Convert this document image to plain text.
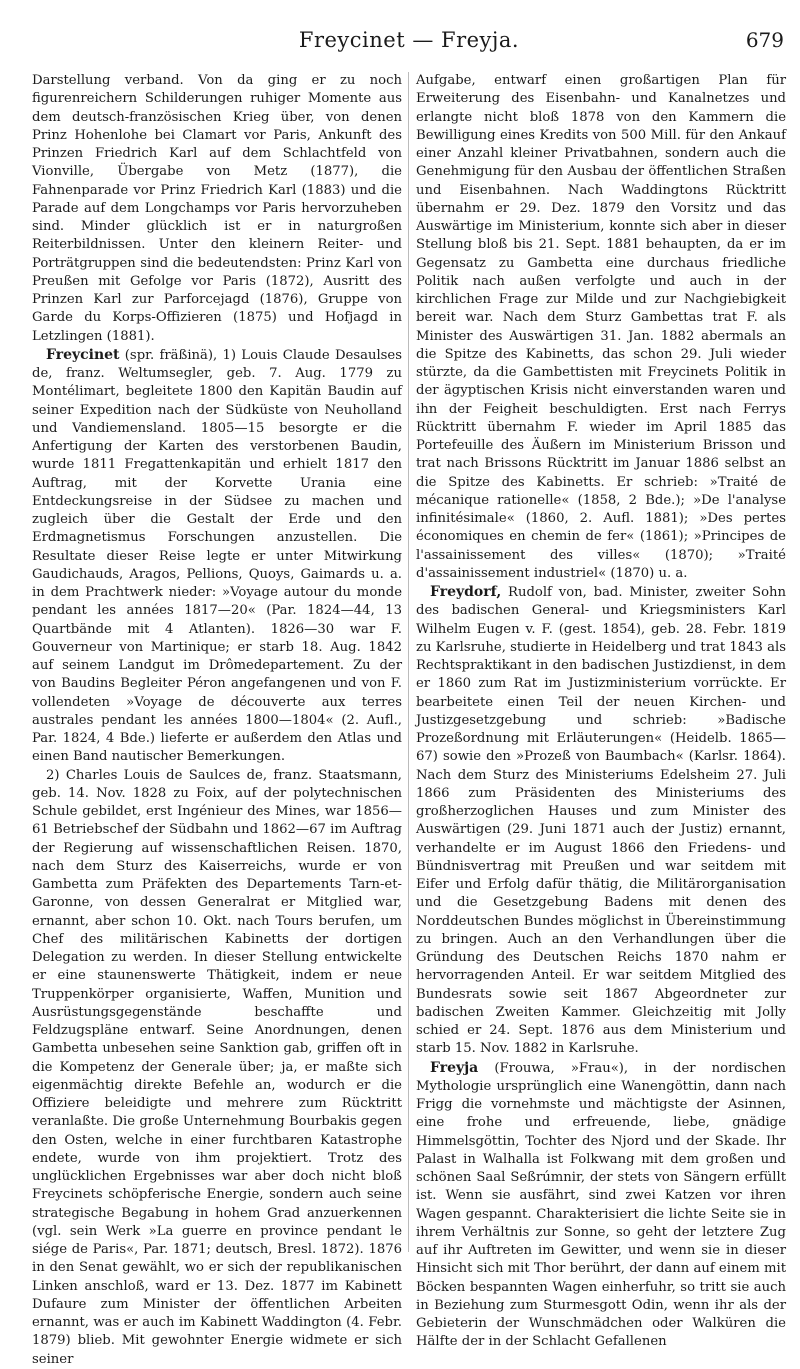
Freycinet — Freyja.	679

Darstellung verband. Von da ging er zu noch figurenreichern Schilderungen ruhiger Momente aus dem deutsch-französischen Krieg über, von denen Prinz Hohenlohe bei Clamart vor Paris, Ankunft des Prinzen Friedrich Karl auf dem Schlachtfeld von Vionville, Übergabe von Metz (1877), die Fahnenparade vor Prinz Friedrich Karl (1883) und die Parade auf dem Longchamps vor Paris hervorzuheben sind. Minder glücklich ist er in naturgroßen Reiterbildnissen. Unter den kleinern Reiter- und Porträtgruppen sind die bedeutendsten: Prinz Karl von Preußen mit Gefolge vor Paris (1872), Ausritt des Prinzen Karl zur Parforcejagd (1876), Gruppe von Garde du Korps-Offizieren (1875) und Hofjagd in Letzlingen (1881).

Freycinet (spr. fräßinä), 1) Louis Claude Desaulses de, franz. Weltumsegler, geb. 7. Aug. 1779 zu Montélimart, begleitete 1800 den Kapitän Baudin auf seiner Expedition nach der Südküste von Neuholland und Vandiemensland. 1805—15 besorgte er die Anfertigung der Karten des verstorbenen Baudin, wurde 1811 Fregattenkapitän und erhielt 1817 den Auftrag, mit der Korvette Urania eine Entdeckungsreise in der Südsee zu machen und zugleich über die Gestalt der Erde und den Erdmagnetismus Forschungen anzustellen. Die Resultate dieser Reise legte er unter Mitwirkung Gaudichauds, Aragos, Pellions, Quoys, Gaimards u. a. in dem Prachtwerk nieder: »Voyage autour du monde pendant les années 1817—20« (Par. 1824—44, 13 Quartbände mit 4 Atlanten). 1826—30 war F. Gouverneur von Martinique; er starb 18. Aug. 1842 auf seinem Landgut im Drômedepartement. Zu der von Baudins Begleiter Péron angefangenen und von F. vollendeten »Voyage de découverte aux terres australes pendant les années 1800—1804« (2. Aufl., Par. 1824, 4 Bde.) lieferte er außerdem den Atlas und einen Band nautischer Bemerkungen.

2) Charles Louis de Saulces de, franz. Staatsmann, geb. 14. Nov. 1828 zu Foix, auf der polytechnischen Schule gebildet, erst Ingénieur des Mines, war 1856—61 Betriebschef der Südbahn und 1862—67 im Auftrag der Regierung auf wissenschaftlichen Reisen. 1870, nach dem Sturz des Kaiserreichs, wurde er von Gambetta zum Präfekten des Departements Tarn-et-Garonne, von dessen Generalrat er Mitglied war, ernannt, aber schon 10. Okt. nach Tours berufen, um Chef des militärischen Kabinetts der dortigen Delegation zu werden. In dieser Stellung entwickelte er eine staunenswerte Thätigkeit, indem er neue Truppenkörper organisierte, Waffen, Munition und Ausrüstungsgegenstände beschaffte und Feldzugspläne entwarf. Seine Anordnungen, denen Gambetta unbesehen seine Sanktion gab, griffen oft in die Kompetenz der Generale über; ja, er maßte sich eigenmächtig direkte Befehle an, wodurch er die Offiziere beleidigte und mehrere zum Rücktritt veranlaßte. Die große Unternehmung Bourbakis gegen den Osten, welche in einer furchtbaren Katastrophe endete, wurde von ihm projektiert. Trotz des unglücklichen Ergebnisses war aber doch nicht bloß Freycinets schöpferische Energie, sondern auch seine strategische Begabung in hohem Grad anzuerkennen (vgl. sein Werk »La guerre en province pendant le siége de Paris«, Par. 1871; deutsch, Bresl. 1872). 1876 in den Senat gewählt, wo er sich der republikanischen Linken anschloß, ward er 13. Dez. 1877 im Kabinett Dufaure zum Minister der öffentlichen Arbeiten ernannt, was er auch im Kabinett Waddington (4. Febr. 1879) blieb. Mit gewohnter Energie widmete er sich seiner

Aufgabe, entwarf einen großartigen Plan für Erweiterung des Eisenbahn- und Kanalnetzes und erlangte nicht bloß 1878 von den Kammern die Bewilligung eines Kredits von 500 Mill. für den Ankauf einer Anzahl kleiner Privatbahnen, sondern auch die Genehmigung für den Ausbau der öffentlichen Straßen und Eisenbahnen. Nach Waddingtons Rücktritt übernahm er 29. Dez. 1879 den Vorsitz und das Auswärtige im Ministerium, konnte sich aber in dieser Stellung bloß bis 21. Sept. 1881 behaupten, da er im Gegensatz zu Gambetta eine durchaus friedliche Politik nach außen verfolgte und auch in der kirchlichen Frage zur Milde und zur Nachgiebigkeit bereit war. Nach dem Sturz Gambettas trat F. als Minister des Auswärtigen 31. Jan. 1882 abermals an die Spitze des Kabinetts, das schon 29. Juli wieder stürzte, da die Gambettisten mit Freycinets Politik in der ägyptischen Krisis nicht einverstanden waren und ihn der Feigheit beschuldigten. Erst nach Ferrys Rücktritt übernahm F. wieder im April 1885 das Portefeuille des Äußern im Ministerium Brisson und trat nach Brissons Rücktritt im Januar 1886 selbst an die Spitze des Kabinetts. Er schrieb: »Traité de mécanique rationelle« (1858, 2 Bde.); »De l'analyse infinitésimale« (1860, 2. Aufl. 1881); »Des pertes économiques en chemin de fer« (1861); »Principes de l'assainissement des villes« (1870); »Traité d'assainissement industriel« (1870) u. a.

Freydorf, Rudolf von, bad. Minister, zweiter Sohn des badischen General- und Kriegsministers Karl Wilhelm Eugen v. F. (gest. 1854), geb. 28. Febr. 1819 zu Karlsruhe, studierte in Heidelberg und trat 1843 als Rechtspraktikant in den badischen Justizdienst, in dem er 1860 zum Rat im Justizministerium vorrückte. Er bearbeitete einen Teil der neuen Kirchen- und Justizgesetzgebung und schrieb: »Badische Prozeßordnung mit Erläuterungen« (Heidelb. 1865—67) sowie den »Prozeß von Baumbach« (Karlsr. 1864). Nach dem Sturz des Ministeriums Edelsheim 27. Juli 1866 zum Präsidenten des Ministeriums des großherzoglichen Hauses und zum Minister des Auswärtigen (29. Juni 1871 auch der Justiz) ernannt, verhandelte er im August 1866 den Friedens- und Bündnisvertrag mit Preußen und war seitdem mit Eifer und Erfolg dafür thätig, die Militärorganisation und die Gesetzgebung Badens mit denen des Norddeutschen Bundes möglichst in Übereinstimmung zu bringen. Auch an den Verhandlungen über die Gründung des Deutschen Reichs 1870 nahm er hervorragenden Anteil. Er war seitdem Mitglied des Bundesrats sowie seit 1867 Abgeordneter zur badischen Zweiten Kammer. Gleichzeitig mit Jolly schied er 24. Sept. 1876 aus dem Ministerium und starb 15. Nov. 1882 in Karlsruhe.

Freyja (Frouwa, »Frau«), in der nordischen Mythologie ursprünglich eine Wanengöttin, dann nach Frigg die vornehmste und mächtigste der Asinnen, eine frohe und erfreuende, liebe, gnädige Himmelsgöttin, Tochter des Njord und der Skade. Ihr Palast in Walhalla ist Folkwang mit dem großen und schönen Saal Seßrúmnir, der stets von Sängern erfüllt ist. Wenn sie ausfährt, sind zwei Katzen vor ihren Wagen gespannt. Charakterisiert die lichte Seite sie in ihrem Verhältnis zur Sonne, so geht der letztere Zug auf ihr Auftreten im Gewitter, und wenn sie in dieser Hinsicht sich mit Thor berührt, der dann auf einem mit Böcken bespannten Wagen einherfuhr, so tritt sie auch in Beziehung zum Sturmesgott Odin, wenn ihr als der Gebieterin der Wunschmädchen oder Walküren die Hälfte der in der Schlacht Gefallenen
